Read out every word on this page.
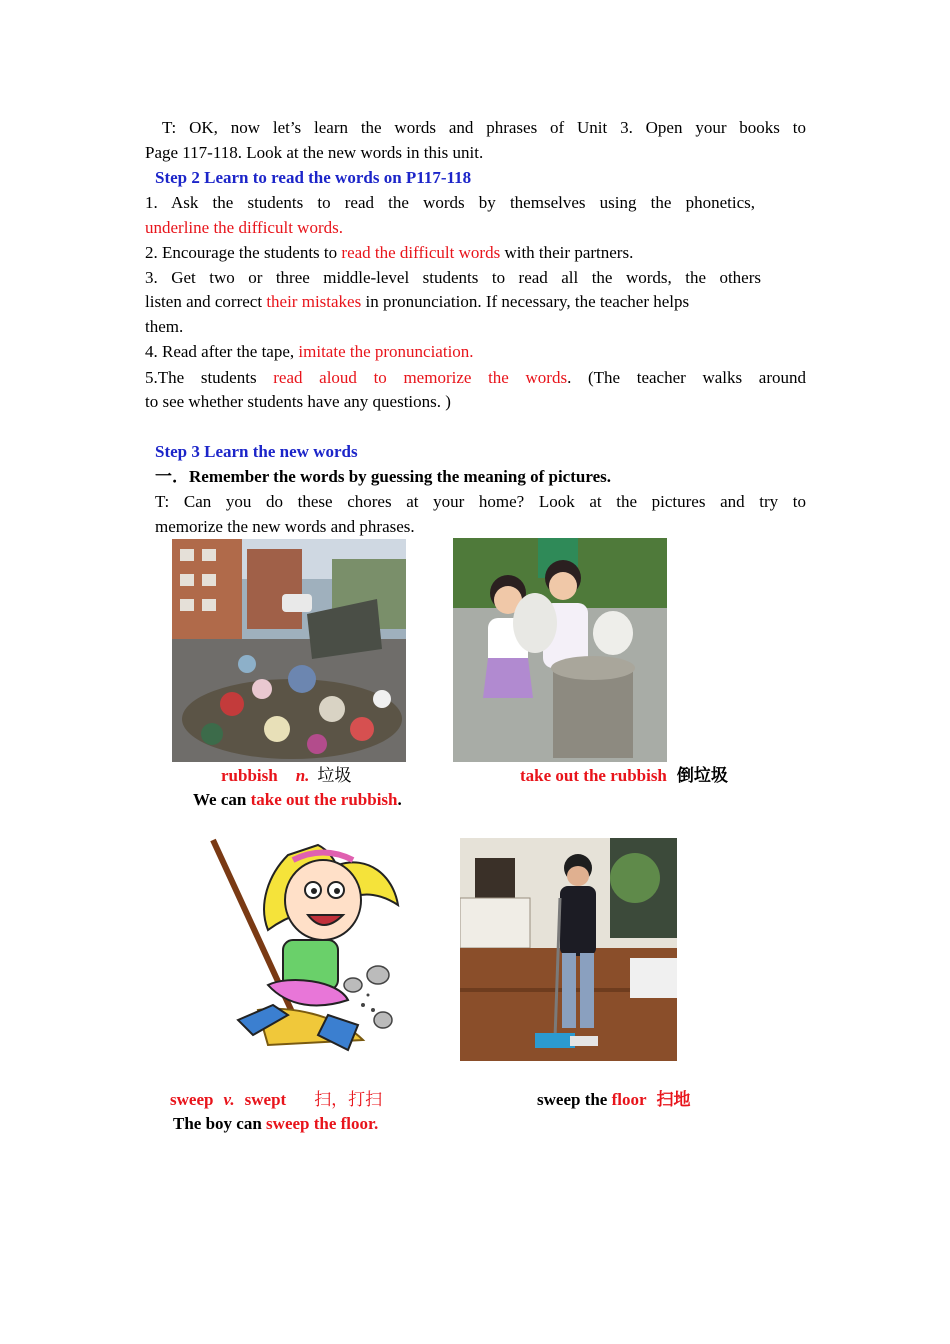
T: OK, now let’s learn the words and phrases of Unit 3. Open your books to
Page 117-118. Look at the new words in this unit.
Step 2 Learn to read the words on P117-118
1. Ask the students to read the words by themselves using the phonetics,
underline the difficult words.
2. Encourage the students to read the difficult words with their partners.
3. Get two or three middle-level students to read all the words, the others
listen and correct their mistakes in pronunciation. If necessary, the teacher helps
them.
4. Read after the tape, imitate the pronunciation.
5.The students read aloud to memorize the words. (The teacher walks around
to see whether students have any questions. )
Step 3 Learn the new words
一．Remember the words by guessing the meaning of pictures.
T: Can you do these chores at your home? Look at the pictures and try to
memorize the new words and phrases.
rubbish n. 垃圾	take out the rubbish 倒垃圾
We can take out the rubbish.
sweep v. swept 扫，打扫	sweep the floor 扫地
The boy can sweep the floor.
